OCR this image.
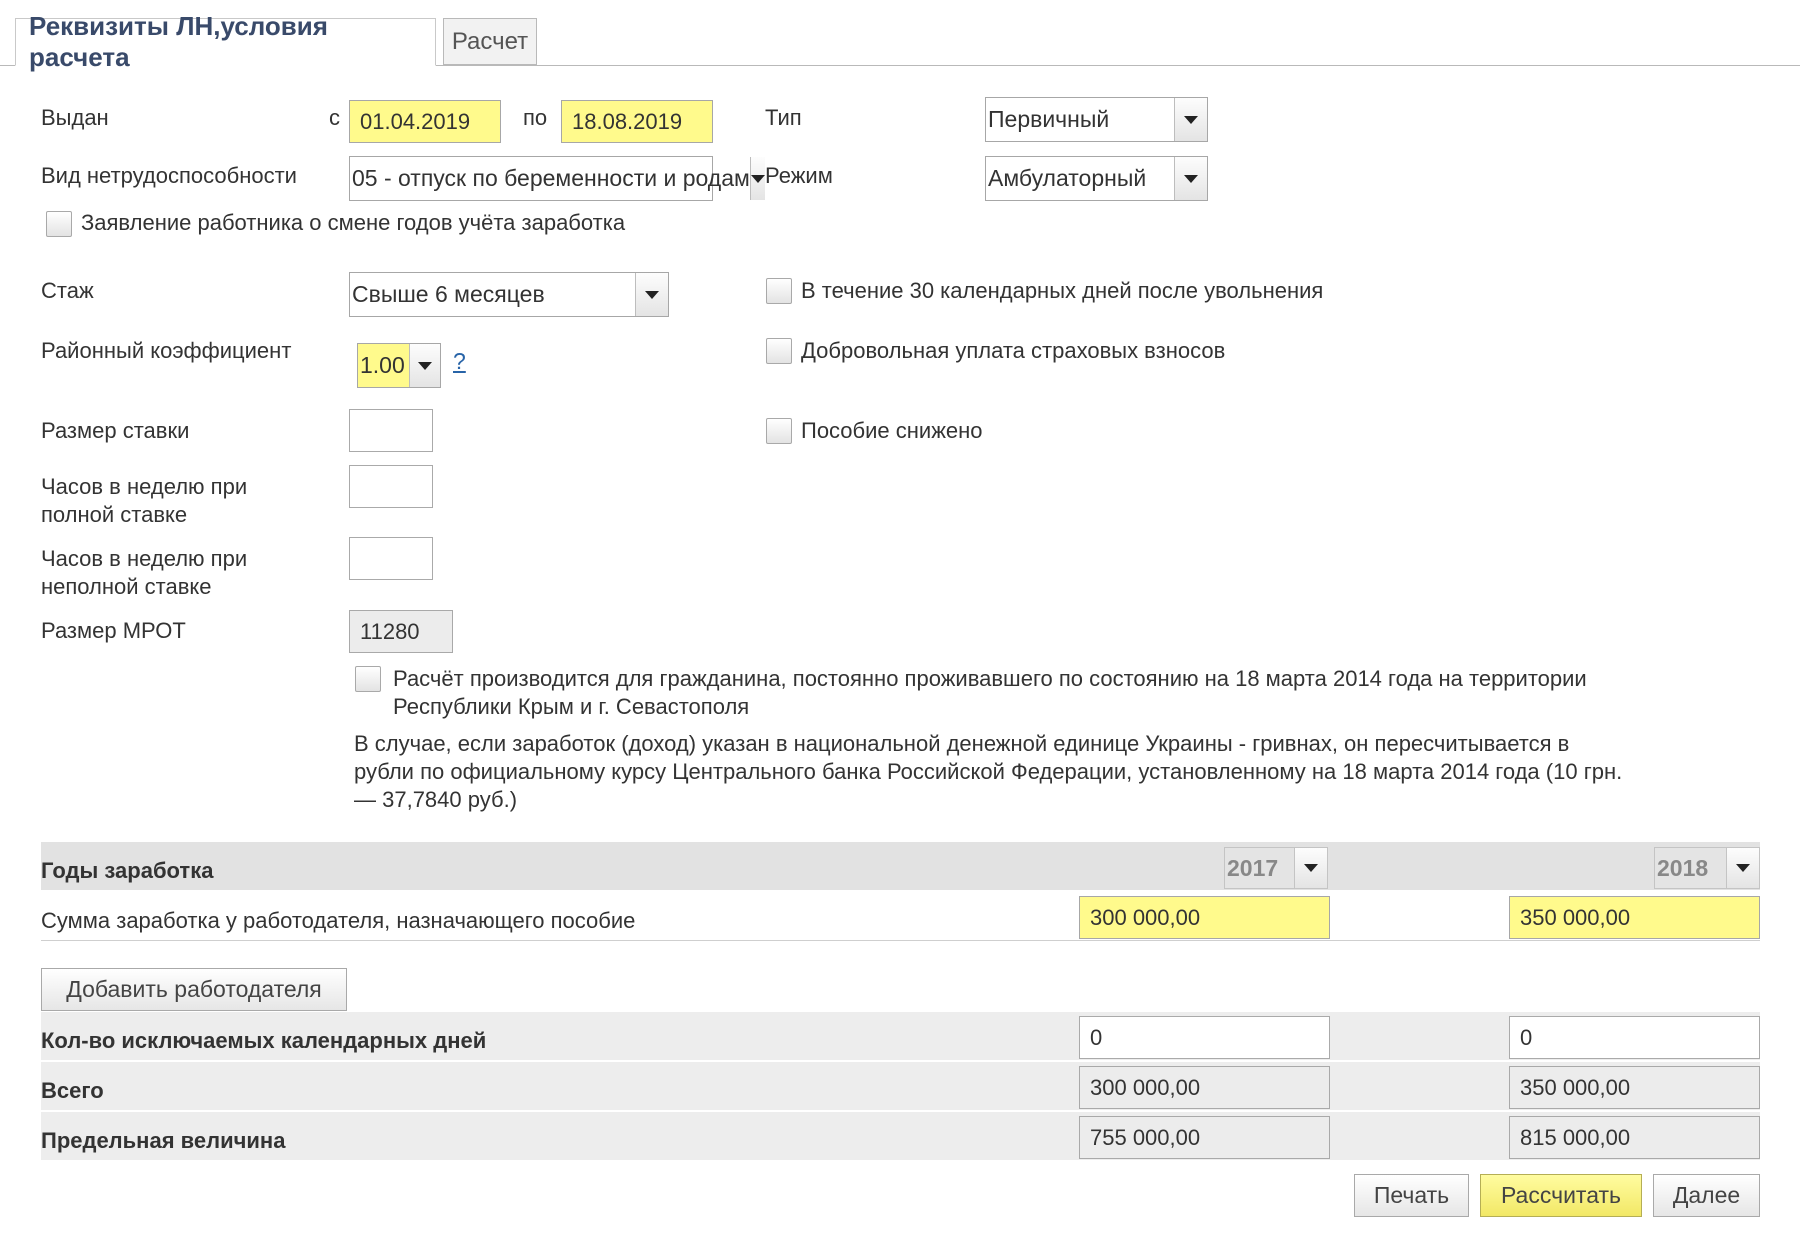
Реквизиты ЛН,условия расчета
Расчет
Выдан	с 01.04.2019	по	18.08.2019	Тип	Первичный
Вид нетрудоспособности 05 - отпуск по беременности и родам Режим	Амбулаторный
Заявление работника о смене годов учёта заработка
Стаж	Свыше 6 месяцев	В течение 30 календарных дней после увольнения
Районный коэффициент
1.00 ?	Добровольная уплата страховых взносов
Размер ставки	Пособие снижено
Часов в неделю при
полной ставке
Часов в неделю при
неполной ставке
Размер МРОТ	11280
Расчёт производится для гражданина, постоянно проживавшего по состоянию на 18 марта 2014 года на территории
Республики Крым и г. Севастополя
В случае, если заработок (доход) указан в национальной денежной единице Украины - гривнах, он пересчитывается в
рубли по официальному курсу Центрального банка Российской Федерации, установленному на 18 марта 2014 года (10 грн.
— 37,7840 руб.)
Годы заработка	2017	2018
Сумма заработка у работодателя, назначающего пособие	300 000,00	350 000,00
Добавить работодателя
Кол-во исключаемых календарных дней	0	0
Всего	300 000,00	350 000,00
Предельная величина	755 000,00	815 000,00
Печать	Рассчитать	Далее
